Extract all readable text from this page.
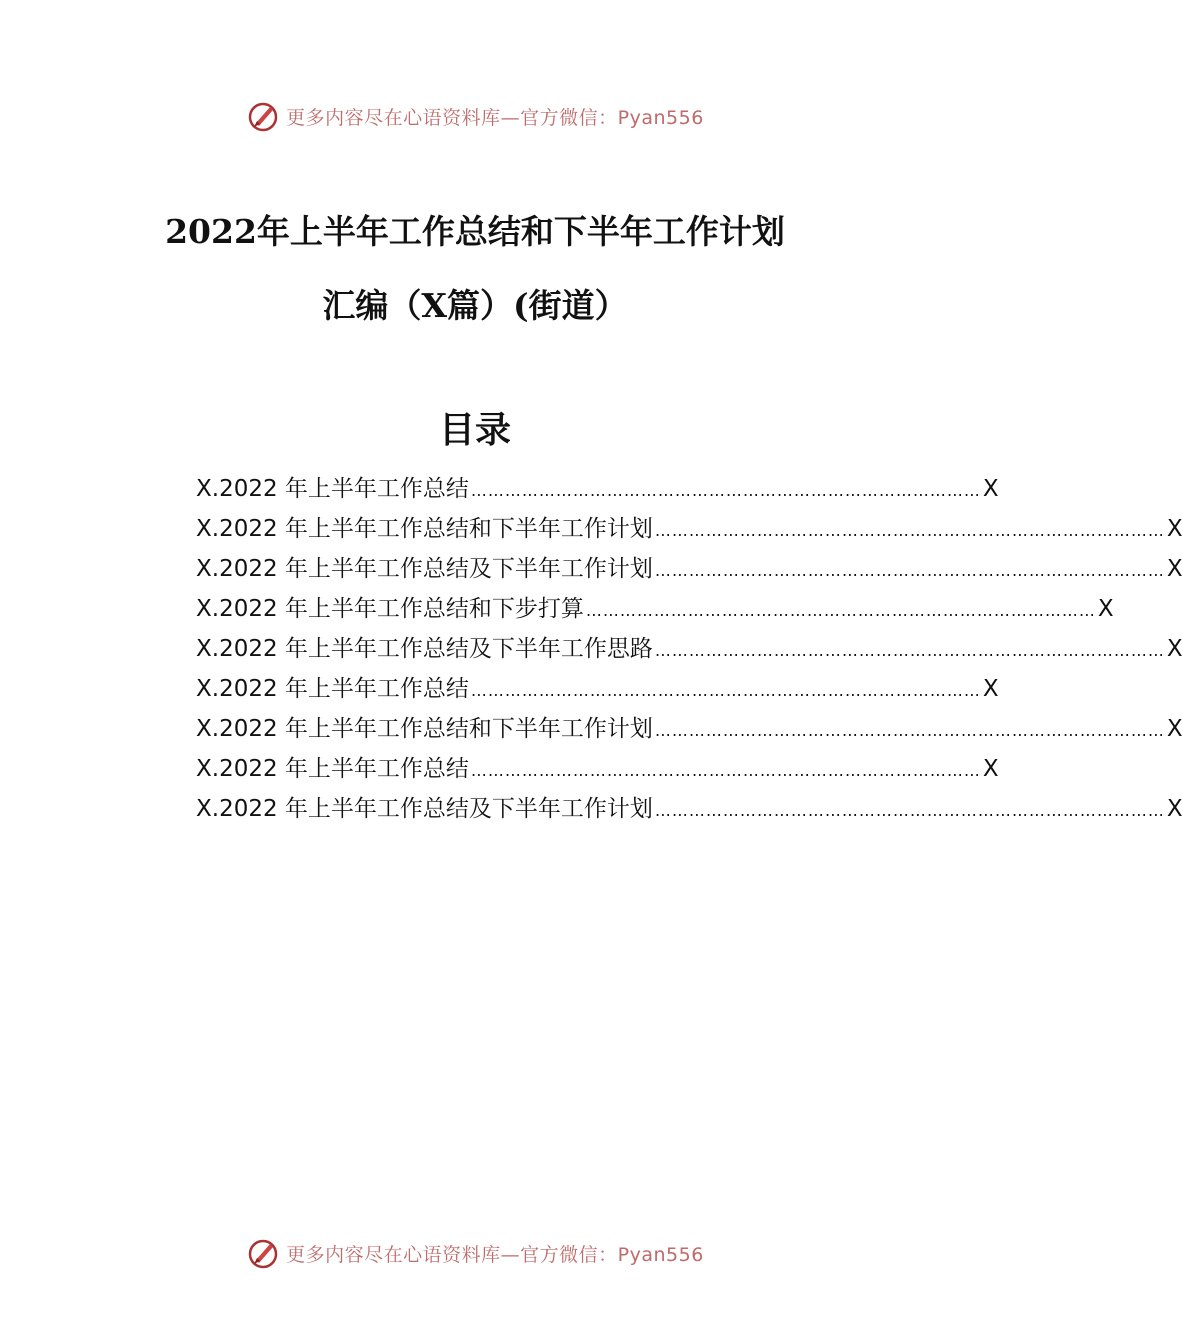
更多内容尽在心语资料库—官方微信：Pyan556
2022年上半年工作总结和下半年工作计划
汇编（X篇）(街道）
目录
X.2022 年上半年工作总结 ……………………………………………………………………………… X
X.2022 年上半年工作总结和下半年工作计划 ……………………………………………………………………………… X
X.2022 年上半年工作总结及下半年工作计划 ……………………………………………………………………………… X
X.2022 年上半年工作总结和下步打算 ……………………………………………………………………………… X
X.2022 年上半年工作总结及下半年工作思路 ……………………………………………………………………………… X
X.2022 年上半年工作总结 ……………………………………………………………………………… X
X.2022 年上半年工作总结和下半年工作计划 ……………………………………………………………………………… X
X.2022 年上半年工作总结 ……………………………………………………………………………… X
X.2022 年上半年工作总结及下半年工作计划 ……………………………………………………………………………… X
更多内容尽在心语资料库—官方微信：Pyan556
